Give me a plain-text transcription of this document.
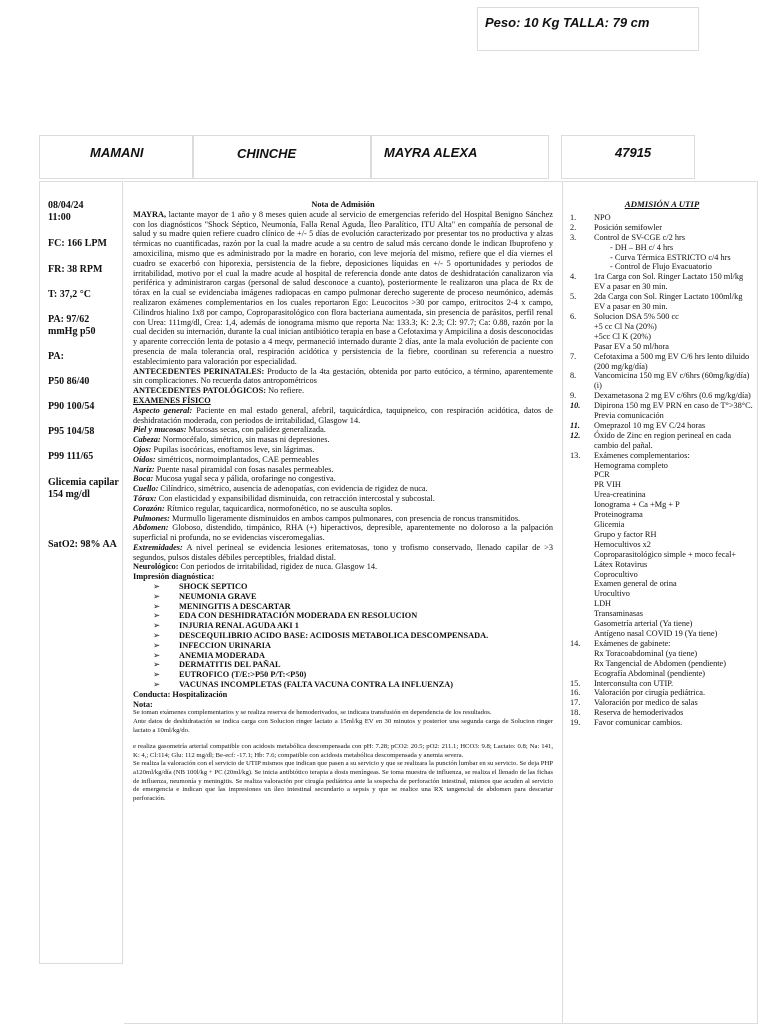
Peso: 10 Kg TALLA: 79 cm
MAMANI	CHINCHE	MAYRA ALEXA	47915
08/04/24
11:00
FC: 166 LPM
FR: 38 RPM
T: 37,2 °C
PA: 97/62
mmHg p50
PA:
P50 86/40
P90 100/54
P95 104/58
P99 111/65
Glicemia capilar 154 mg/dl
SatO2: 98% AA

Nota de Admisión

MAYRA, lactante mayor de 1 año y 8 meses quien acude al servicio de emergencias referido del Hospital Benigno Sánchez con los diagnósticos "Shock Séptico, Neumonía, Falla Renal Aguda, Íleo Paralítico, ITU Alta" en compañía de personal de salud y su madre quien refiere cuadro clínico de +/- 5 días de evolución caracterizado por presentar tos no productiva y alzas térmicas no cuantificadas, razón por la cual la madre acude a su centro de salud más cercano donde le indican Ibuprofeno y amoxicilina, mismo que es administrado por la madre en horario, con leve mejoría del mismo, refiere que el día viernes el cuadro se exacerbó con hiporexia, persistencia de la fiebre, deposiciones líquidas en +/- 5 oportunidades y periodos de irritabilidad, motivo por el cual la madre acude al hospital de referencia donde ante datos de deshidratación canalizaron vía periférica y administraron cargas (personal de salud desconoce a cuanto), posteriormente le realizaron una placa de Rx de tórax en la cual se evidenciaba imágenes radiopacas en campo pulmonar derecho sugerente de proceso neumónico, además realizaron exámenes complementarios en los cuales reportaron Ego: Leucocitos >30 por campo, eritrocitos 2-4 x campo, Cilindros hialino 1x8 por campo, Coproparasitológico con flora bacteriana aumentada, sin presencia de parásitos, perfil renal con Urea: 111mg/dl, Crea: 1,4, además de ionograma mismo que reporta Na: 133.3; K: 2.3; Cl: 97.7; Ca: 0.88, razón por la cual deciden su internación, durante la cual inician antibiótico terapia en base a Cefotaxima y Ampicilina a dosis desconocidas y aparente corrección lenta de potasio a 4 meqv, permaneció internado durante 2 días, ante la mala evolución de paciente con presencia de mala tolerancia oral, respiración acidótica y persistencia de la fiebre, coordinan su referencia a nuestro establecimiento para valoración por especialidad.

ANTECEDENTES PERINATALES: Producto de la 4ta gestación, obtenida por parto eutócico, a término, aparentemente sin complicaciones. No recuerda datos antropométricos

ANTECEDENTES PATOLÓGICOS: No refiere.

EXAMENES FÍSICO

Aspecto general: Paciente en mal estado general, afebril, taquicárdica, taquipneico, con respiración acidótica, datos de deshidratación moderada, con periodos de irritabilidad, Glasgow 14.

Piel y mucosas: Mucosas secas, con palidez generalizada.

Cabeza: Normocéfalo, simétrico, sin masas ni depresiones.

Ojos: Pupilas isocóricas, enoftamos leve, sin lágrimas.

Oídos: simétricos, normoimplantados, CAE permeables

Nariz: Puente nasal piramidal con fosas nasales permeables.

Boca: Mucosa yugal seca y pálida, orofaringe no congestiva.

Cuello: Cilíndrico, simétrico, ausencia de adenopatías, con evidencia de rigidez de nuca.

Tórax: Con elasticidad y expansibilidad disminuida, con retracción intercostal y subcostal.

Corazón: Rítmico regular, taquicardica, normofonético, no se ausculta soplos.

Pulmones: Murmullo ligeramente disminuidos en ambos campos pulmonares, con presencia de roncus transmitidos.

Abdomen: Globoso, distendido, timpánico, RHA (+) hiperactivos, depresible, aparentemente no doloroso a la palpación superficial ni profunda, no se evidencias visceromegalias.

Extremidades: A nivel perineal se evidencia lesiones eritematosas, tono y trofismo conservado, llenado capilar de >3 segundos, pulsos distales débiles perceptibles, frialdad distal.

Neurológico: Con periodos de irritabilidad, rigidez de nuca. Glasgow 14.

Impresión diagnóstica:

➢ SHOCK SEPTICO
➢ NEUMONIA GRAVE
➢ MENINGITIS A DESCARTAR
➢ EDA CON DESHIDRATACIÓN MODERADA EN RESOLUCION
➢ INJURIA RENAL AGUDA AKI 1
➢ DESCEQUILIBRIO ACIDO BASE: ACIDOSIS METABOLICA DESCOMPENSADA.
➢ INFECCION URINARIA
➢ ANEMIA MODERADA
➢ DERMATITIS DEL PAÑAL
➢ EUTROFICO (T/E:>P50 P/T:<P50)
➢ VACUNAS INCOMPLETAS (FALTA VACUNA CONTRA LA INFLUENZA)

Conducta: Hospitalización

Nota:

Se toman exámenes complementarios y se realiza reserva de hemoderivados, se indicara transfusión en dependencia de los resultados.

Ante datos de deshidratación se indica carga con Solucion ringer lactato a 15ml/kg EV en 30 minutos y posterior una segunda carga de Solucion ringer lactato a 10ml/kg/do.

e realiza gasometría arterial compatible con acidosis metabólica descompensada con pH: 7.28; pCO2: 20.5; pO2: 211.1; HCO3: 9.8; Lactato: 0.8; Na: 141, K: 4,; Cl:114; Glu: 112 mg/dl; Be-ecf: -17.1; Hb: 7.6; compatible con acidosis metabólica descompensada y anemia severa.

Se realiza la valoración con el servicio de UTIP mismos que indican que pasen a su servicio y que se realizara la punción lumbar en su servicio. Se deja PHP a120ml/kg/día (NB 100l/kg + PC (20ml/kg). Se inicia antibiótico terapia a dosis meníngeas. Se toma muestra de influenza, se realiza el llenado de las fichas de influenza, neumonía y meningitis. Se realiza valoración por cirugía pediátrica ante la sospecha de perforación intestinal, mismos que acuden al servicio de emergencia e indican que las impresiones un íleo intestinal secundario a sepsis y que se realice una RX tangencial de abdomen para descartar perforación.

ADMISIÓN A UTIP
1. NPO
2. Posición semifowler
3. Control de SV-CGE c/2 hrs
- DH – BH c/ 4 hrs
- Curva Térmica ESTRICTO c/4 hrs
- Control de Flujo Evacuatorio
4. 1ra Carga con Sol. Ringer Lactato 150 ml/kg EV a pasar en 30 min.
5. 2da Carga con Sol. Ringer Lactato 100ml/kg EV a pasar en 30 min.
6. Solucion DSA 5% 500 cc
+5 cc Cl Na (20%)
+5cc Cl K (20%)
Pasar EV a 50 ml/hora
7. Cefotaxima a 500 mg EV C/6 hrs lento diluido (200 mg/kg/día)
8. Vancomicina 150 mg EV c/6hrs (60mg/kg/día) (i)
9. Dexametasona 2 mg EV c/6hrs (0.6 mg/kg/día)
10. Dipirona 150 mg EV PRN en caso de T°>38°C. Previa comunicación
11. Omeprazol 10 mg EV C/24 horas
12. Óxido de Zinc en region perineal en cada cambio del pañal.
13. Exámenes complementarios:
Hemograma completo
PCR
PR VIH
Urea-creatinina
Ionograma + Ca +Mg + P
Proteinograma
Glicemia
Grupo y factor RH
Hemocultivos x2
Coproparasitológico simple + moco fecal+
Látex Rotavirus
Coprocultivo
Examen general de orina
Urocultivo
LDH
Transaminasas
Gasometría arterial (Ya tiene)
Antígeno nasal COVID 19 (Ya tiene)
14. Exámenes de gabinete:
Rx Toracoabdominal (ya tiene)
Rx Tangencial de Abdomen (pendiente)
Ecografía Abdominal (pendiente)
15. Interconsulta con UTIP.
16. Valoración por cirugía pediátrica.
17. Valoración por medico de salas
18. Reserva de hemoderivados
19. Favor comunicar cambios.
